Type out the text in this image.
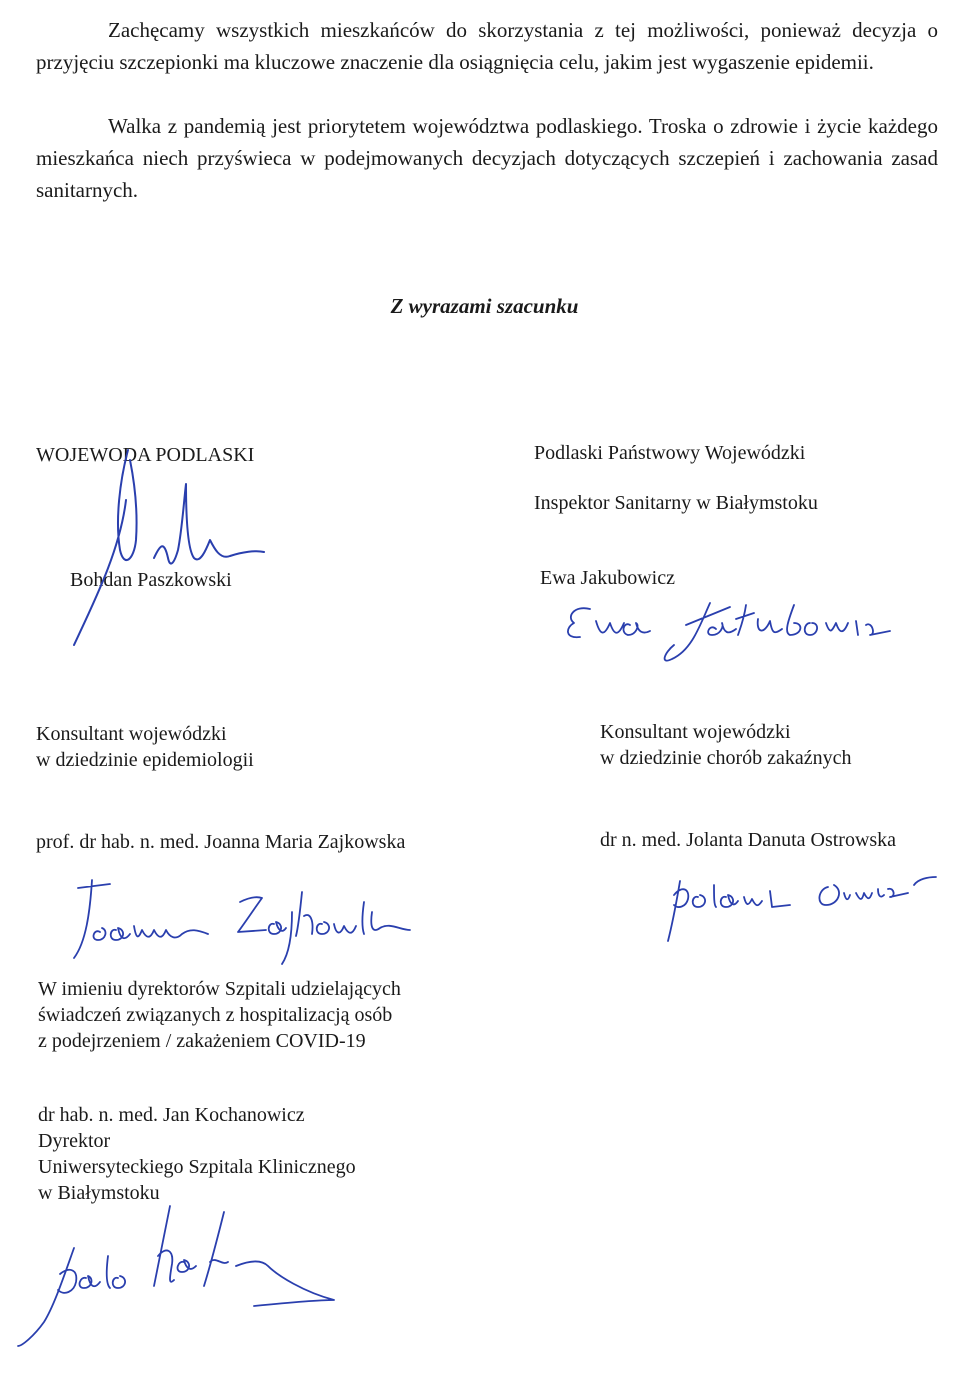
Zachęcamy wszystkich mieszkańców do skorzystania z tej możliwości, ponieważ decyzja o przyjęciu szczepionki ma kluczowe znaczenie dla osiągnięcia celu, jakim jest wygaszenie epidemii.

Walka z pandemią jest priorytetem województwa podlaskiego. Troska o zdrowie i życie każdego mieszkańca niech przyświeca w podejmowanych decyzjach dotyczących szczepień i zachowania zasad sanitarnych.

Z wyrazami szacunku

WOJEWODA PODLASKI

Bohdan Paszkowski

Podlaski Państwowy Wojewódzki

Inspektor Sanitarny w Białymstoku

Ewa Jakubowicz

Konsultant wojewódzki
w dziedzinie epidemiologii

prof. dr hab. n. med. Joanna Maria Zajkowska

Konsultant wojewódzki
w dziedzinie chorób zakaźnych

dr n. med. Jolanta Danuta Ostrowska

W imieniu dyrektorów Szpitali udzielających
świadczeń związanych z hospitalizacją osób
z podejrzeniem / zakażeniem COVID-19

dr hab. n. med. Jan Kochanowicz
Dyrektor
Uniwersyteckiego Szpitala Klinicznego
w Białymstoku
